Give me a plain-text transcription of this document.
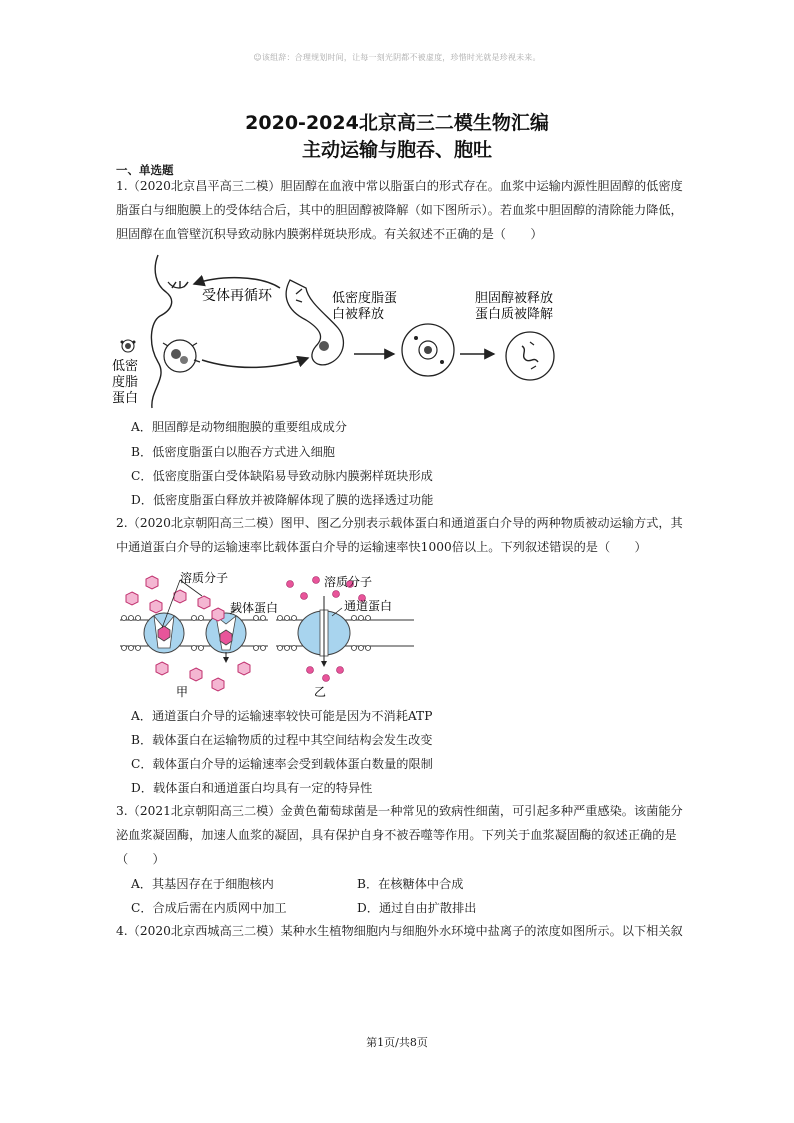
☺该组辞：合理规划时间，让每一刻光阴都不被虚度，珍惜时光就是珍视未来。
2020-2024北京高三二模生物汇编
主动运输与胞吞、胞吐
一、单选题
1.（2020北京昌平高三二模）胆固醇在血液中常以脂蛋白的形式存在。血浆中运输内源性胆固醇的低密度
脂蛋白与细胞膜上的受体结合后，其中的胆固醇被降解（如下图所示）。若血浆中胆固醇的清除能力降低，
胆固醇在血管壁沉积导致动脉内膜粥样斑块形成。有关叙述不正确的是（　　）
低密
度脂
蛋白
受体再循环	低密度脂蛋
白被释放
胆固醇被释放
蛋白质被降解
A．胆固醇是动物细胞膜的重要组成成分
B．低密度脂蛋白以胞吞方式进入细胞
C．低密度脂蛋白受体缺陷易导致动脉内膜粥样斑块形成
D．低密度脂蛋白释放并被降解体现了膜的选择透过功能
2.（2020北京朝阳高三二模）图甲、图乙分别表示载体蛋白和通道蛋白介导的两种物质被动运输方式，其
中通道蛋白介导的运输速率比载体蛋白介导的运输速率快1000倍以上。下列叙述错误的是（　　）
溶质分子
载体蛋白
甲
溶质分子
通道蛋白
乙
A．通道蛋白介导的运输速率较快可能是因为不消耗ATP
B．载体蛋白在运输物质的过程中其空间结构会发生改变
C．载体蛋白介导的运输速率会受到载体蛋白数量的限制
D．载体蛋白和通道蛋白均具有一定的特异性
3.（2021北京朝阳高三二模）金黄色葡萄球菌是一种常见的致病性细菌，可引起多种严重感染。该菌能分
泌血浆凝固酶，加速人血浆的凝固，具有保护自身不被吞噬等作用。下列关于血浆凝固酶的叙述正确的是
（　　）
A．其基因存在于细胞核内	B．在核糖体中合成
C．合成后需在内质网中加工	D．通过自由扩散排出
4.（2020北京西城高三二模）某种水生植物细胞内与细胞外水环境中盐离子的浓度如图所示。以下相关叙
第1页/共8页
